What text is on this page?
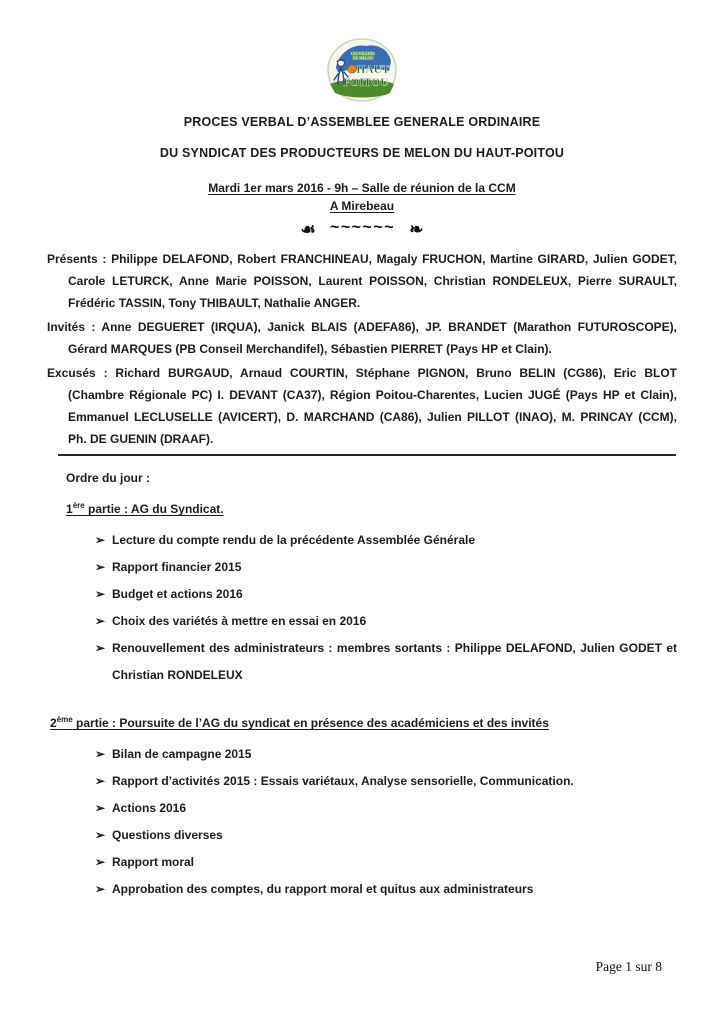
LES VALLEES
DU MELON
HAUT
POITOU
PROCES VERBAL D’ASSEMBLEE GENERALE ORDINAIRE
DU SYNDICAT DES PRODUCTEURS DE MELON DU HAUT-POITOU
Mardi 1er mars 2016 - 9h – Salle de réunion de la CCM
A Mirebeau
☙ ~~~~~~ ❧

Présents : Philippe DELAFOND, Robert FRANCHINEAU, Magaly FRUCHON, Martine GIRARD, Julien GODET, Carole LETURCK, Anne Marie POISSON, Laurent POISSON, Christian RONDELEUX, Pierre SURAULT, Frédéric TASSIN, Tony THIBAULT, Nathalie ANGER.

Invités : Anne DEGUERET (IRQUA), Janick BLAIS (ADEFA86), JP. BRANDET (Marathon FUTUROSCOPE), Gérard MARQUES (PB Conseil Merchandifel), Sébastien PIERRET (Pays HP et Clain).

Excusés : Richard BURGAUD, Arnaud COURTIN, Stéphane PIGNON, Bruno BELIN (CG86), Eric BLOT (Chambre Régionale PC) I. DEVANT (CA37), Région Poitou-Charentes, Lucien JUGÉ (Pays HP et Clain), Emmanuel LECLUSELLE (AVICERT), D. MARCHAND (CA86), Julien PILLOT (INAO), M. PRINCAY (CCM), Ph. DE GUENIN (DRAAF).

Ordre du jour :
1ère partie : AG du Syndicat.
➢ Lecture du compte rendu de la précédente Assemblée Générale
➢ Rapport financier 2015
➢ Budget et actions 2016
➢ Choix des variétés à mettre en essai en 2016
➢ Renouvellement des administrateurs : membres sortants : Philippe DELAFOND, Julien GODET et Christian RONDELEUX
2ème partie : Poursuite de l’AG du syndicat en présence des académiciens et des invités
➢ Bilan de campagne 2015
➢ Rapport d’activités 2015 : Essais variétaux, Analyse sensorielle, Communication.
➢ Actions 2016
➢ Questions diverses
➢ Rapport moral
➢ Approbation des comptes, du rapport moral et quitus aux administrateurs
Page 1 sur 8
